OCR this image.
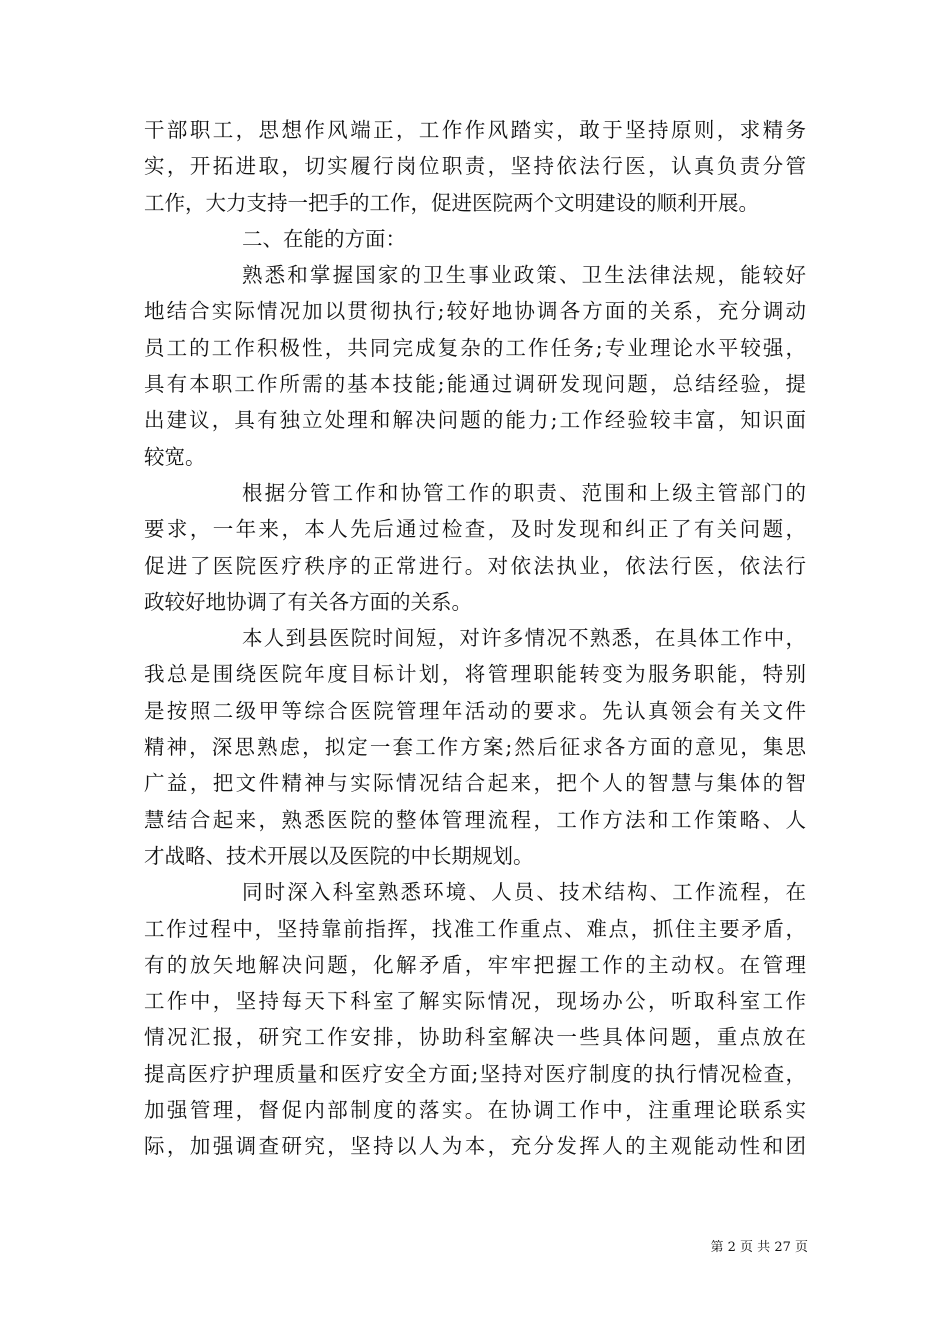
干部职工，思想作风端正，工作作风踏实，敢于坚持原则，求精务
实，开拓进取，切实履行岗位职责，坚持依法行医，认真负责分管
工作，大力支持一把手的工作，促进医院两个文明建设的顺利开展。
二、在能的方面：
熟悉和掌握国家的卫生事业政策、卫生法律法规，能较好
地结合实际情况加以贯彻执行;较好地协调各方面的关系，充分调动
员工的工作积极性，共同完成复杂的工作任务;专业理论水平较强，
具有本职工作所需的基本技能;能通过调研发现问题，总结经验，提
出建议，具有独立处理和解决问题的能力;工作经验较丰富，知识面
较宽。
根据分管工作和协管工作的职责、范围和上级主管部门的
要求，一年来，本人先后通过检查，及时发现和纠正了有关问题，
促进了医院医疗秩序的正常进行。对依法执业，依法行医，依法行
政较好地协调了有关各方面的关系。
本人到县医院时间短，对许多情况不熟悉，在具体工作中，
我总是围绕医院年度目标计划，将管理职能转变为服务职能，特别
是按照二级甲等综合医院管理年活动的要求。先认真领会有关文件
精神，深思熟虑，拟定一套工作方案;然后征求各方面的意见，集思
广益，把文件精神与实际情况结合起来，把个人的智慧与集体的智
慧结合起来，熟悉医院的整体管理流程，工作方法和工作策略、人
才战略、技术开展以及医院的中长期规划。
同时深入科室熟悉环境、人员、技术结构、工作流程，在
工作过程中，坚持靠前指挥，找准工作重点、难点，抓住主要矛盾，
有的放矢地解决问题，化解矛盾，牢牢把握工作的主动权。在管理
工作中，坚持每天下科室了解实际情况，现场办公，听取科室工作
情况汇报，研究工作安排，协助科室解决一些具体问题，重点放在
提高医疗护理质量和医疗安全方面;坚持对医疗制度的执行情况检查，
加强管理，督促内部制度的落实。在协调工作中，注重理论联系实
际，加强调查研究，坚持以人为本，充分发挥人的主观能动性和团
第 2 页 共 27 页
